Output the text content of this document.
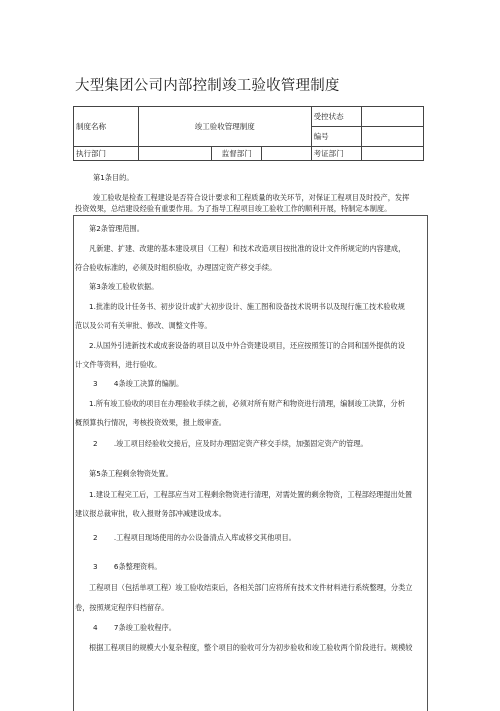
大型集团公司内部控制竣工验收管理制度
制度名称	竣工验收管理制度			受控状态	
				编号	
执行部门		监督部门		考证部门	
第1条目的。
竣工验收是检查工程建设是否符合设计要求和工程质量的收关环节，对保证工程项目及时投产，发挥
投资效果，总结建设经验有重要作用。为了指导工程项目竣工验收工作的顺利开展，特制定本制度。
第2条管理范围。
凡新建、扩建、改建的基本建设项目（工程）和技术改造项目按批准的设计文件所规定的内容建成，
符合验收标准的，必须及时组织验收，办理固定资产移交手续。
第3条竣工验收依据。
1.批准的设计任务书、初步设计或扩大初步设计、施工图和设备技术说明书以及现行施工技术验收规
范以及公司有关审批、修改、调整文件等。
2.从国外引进新技术或成套设备的项目以及中外合资建设项目，还应按照签订的合同和国外提供的设
计文件等资料，进行验收。
3 4条竣工决算的编制。
1.所有竣工验收的项目在办理验收手续之前，必须对所有财产和物资进行清理，编制竣工决算，分析
概预算执行情况，考核投资效果，报上级审查。
2 .竣工项目经验收交接后，应及时办理固定资产移交手续，加强固定资产的管理。
第5条工程剩余物资处置。
1.建设工程完工后，工程部应当对工程剩余物资进行清理，对需处置的剩余物资，工程部经理提出处置
建议报总裁审批，收入报财务部冲减建设成本。
2 .工程项目现场使用的办公设备清点入库或移交其他项目。
3 6条整理资料。
工程项目（包括单项工程）竣工验收结束后，各相关部门应将所有技术文件材料进行系统整理，分类立
卷，按照规定程序归档留存。
4 7条竣工验收程序。
根据工程项目的规模大小复杂程度，整个项目的验收可分为初步验收和竣工验收两个阶段进行。规模较
